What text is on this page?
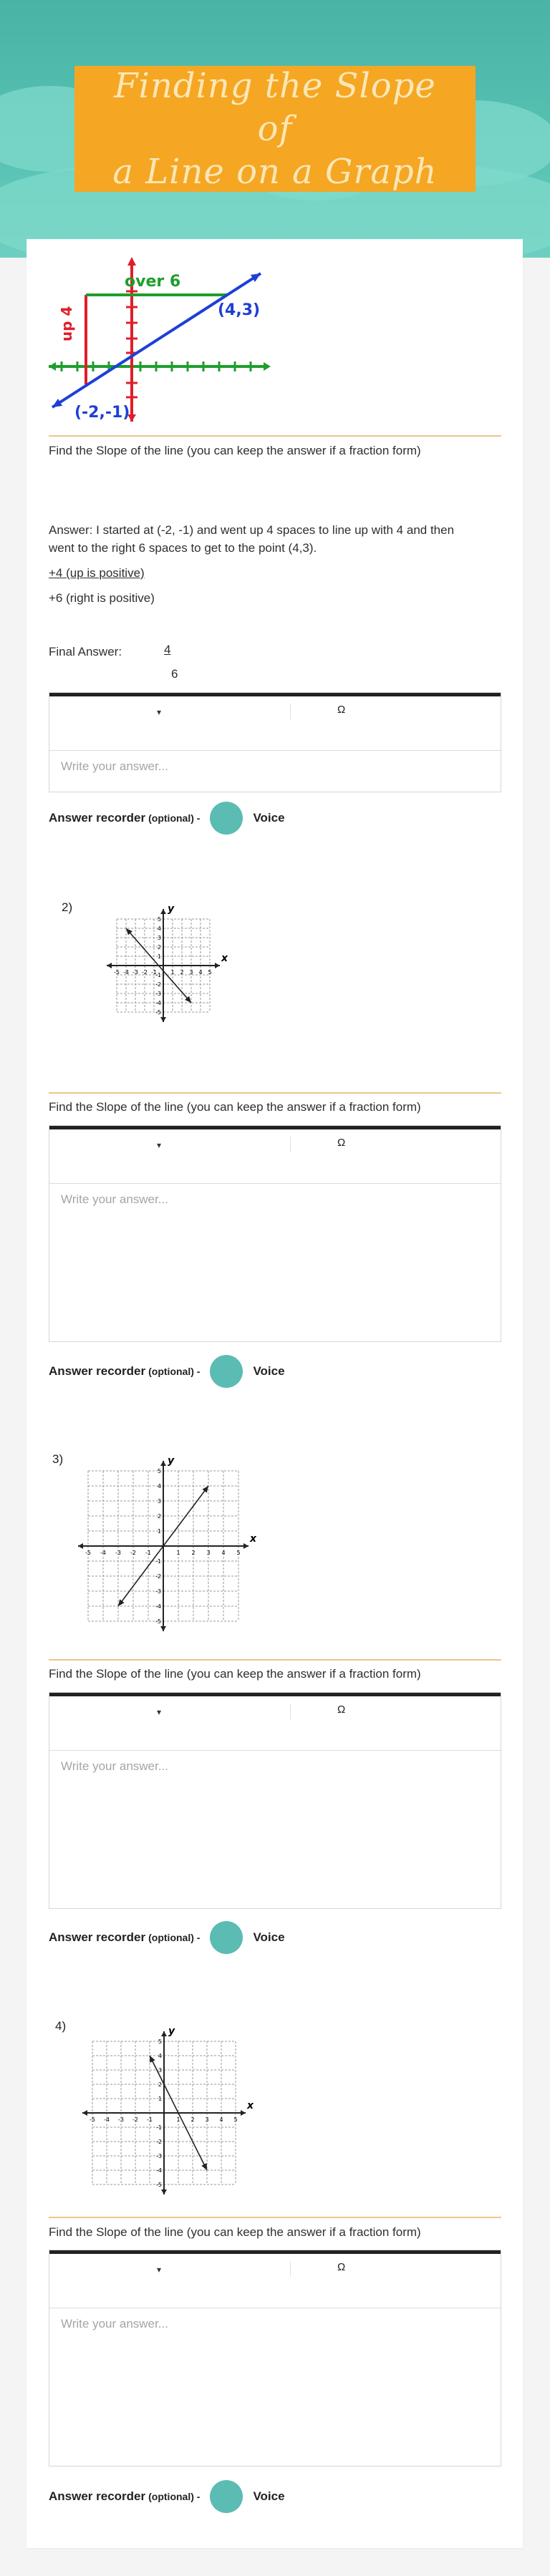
Finding the Slope of
a Line on a Graph
over 6
up 4	(4,3)
(-2,-1)
Find the Slope of the line (you can keep the answer if a fraction form)
Answer: I started at (-2, -1) and went up 4 spaces to line up with 4 and then
went to the right 6 spaces to get to the point (4,3).
+4 (up is positive)
+6 (right is positive)
Final Answer:	4
6
▾	Ω
Write your answer...
Answer recorder (optional) -	Voice
2)
x
y
-5
-5
-4
-4
-3
-3
-2
-2
-1
-1 1
1
2
2
3
3
4
4
5
5
Find the Slope of the line (you can keep the answer if a fraction form)
▾	Ω
Write your answer...
Answer recorder (optional) -	Voice
3)
x
y
-5
-5
-4
-4
-3
-3
-2
-2
-1
-1
1
1
2
2
3
3
4
4
5
5
Find the Slope of the line (you can keep the answer if a fraction form)
▾	Ω
Write your answer...
Answer recorder (optional) -	Voice
4)
x
y
-5
-5
-4
-4
-3
-3
-2
-2
-1
-1
1
1
2
2
3
3
4
4
5
5
Find the Slope of the line (you can keep the answer if a fraction form)
▾	Ω
Write your answer...
Answer recorder (optional) -	Voice
